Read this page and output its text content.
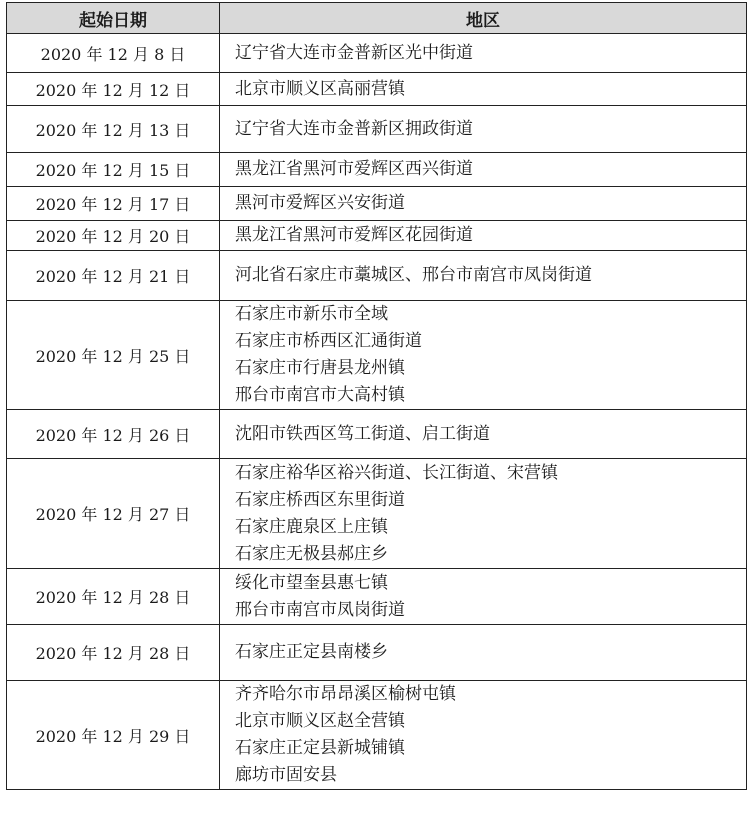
起始日期	地区
2020 年 12 月 8 日	辽宁省大连市金普新区光中街道

2020 年 12 月 12 日	北京市顺义区高丽营镇

2020 年 12 月 13 日	辽宁省大连市金普新区拥政街道

2020 年 12 月 15 日	黑龙江省黑河市爱辉区西兴街道

2020 年 12 月 17 日	黑河市爱辉区兴安街道

2020 年 12 月 20 日	黑龙江省黑河市爱辉区花园街道

2020 年 12 月 21 日	河北省石家庄市藁城区、邢台市南宫市凤岗街道

2020 年 12 月 25 日	石家庄市新乐市全域
石家庄市桥西区汇通街道
石家庄市行唐县龙州镇
邢台市南宫市大高村镇

2020 年 12 月 26 日	沈阳市铁西区笃工街道、启工街道

2020 年 12 月 27 日	石家庄裕华区裕兴街道、长江街道、宋营镇
石家庄桥西区东里街道
石家庄鹿泉区上庄镇
石家庄无极县郝庄乡

2020 年 12 月 28 日	绥化市望奎县惠七镇
邢台市南宫市凤岗街道

2020 年 12 月 28 日	石家庄正定县南楼乡

2020 年 12 月 29 日	齐齐哈尔市昂昂溪区榆树屯镇
北京市顺义区赵全营镇
石家庄正定县新城铺镇
廊坊市固安县
